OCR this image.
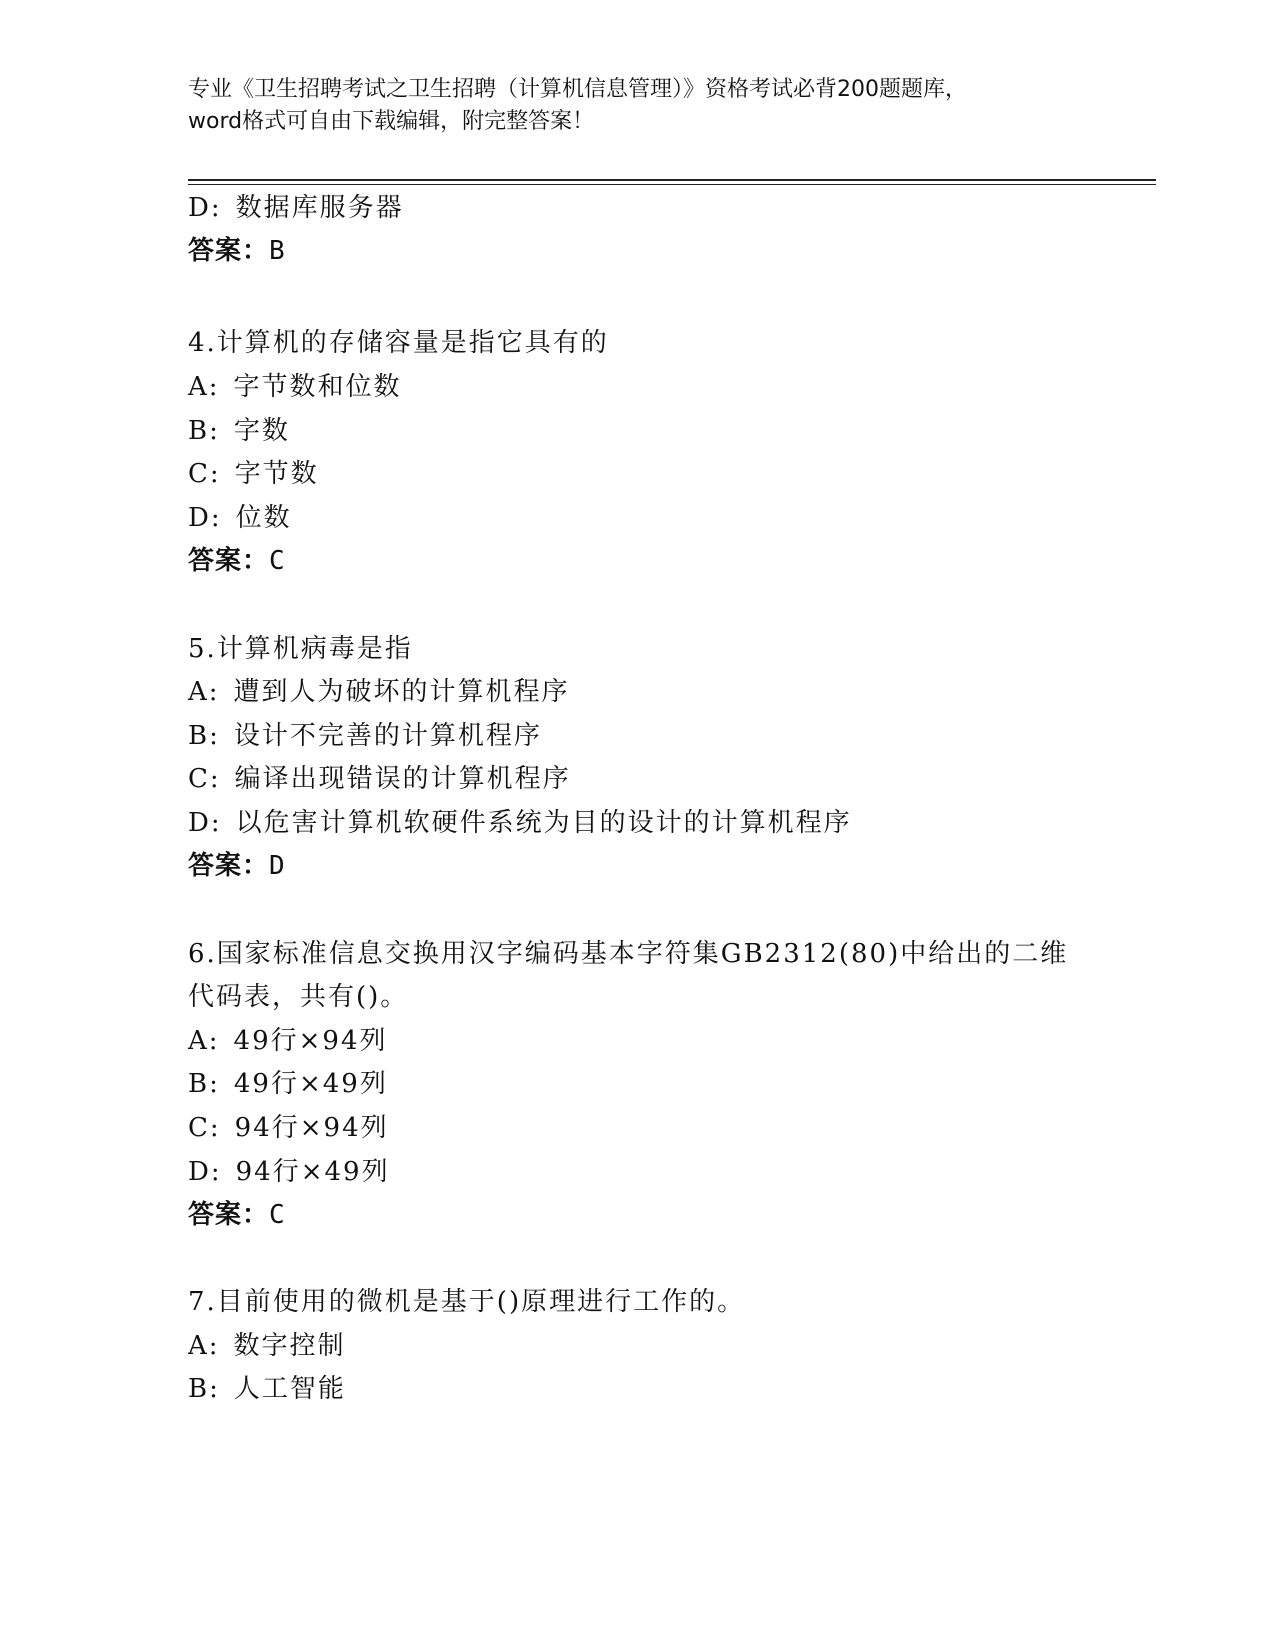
专业《卫生招聘考试之卫生招聘（计算机信息管理）》资格考试必背200题题库，
word格式可自由下载编辑，附完整答案！
D: 数据库服务器
答案：B
4.计算机的存储容量是指它具有的
A: 字节数和位数
B: 字数
C: 字节数
D: 位数
答案：C
5.计算机病毒是指
A: 遭到人为破坏的计算机程序
B: 设计不完善的计算机程序
C: 编译出现错误的计算机程序
D: 以危害计算机软硬件系统为目的设计的计算机程序
答案：D
6.国家标准信息交换用汉字编码基本字符集GB2312(80)中给出的二维
代码表，共有()。
A: 49行×94列
B: 49行×49列
C: 94行×94列
D: 94行×49列
答案：C
7.目前使用的微机是基于()原理进行工作的。
A: 数字控制
B: 人工智能
